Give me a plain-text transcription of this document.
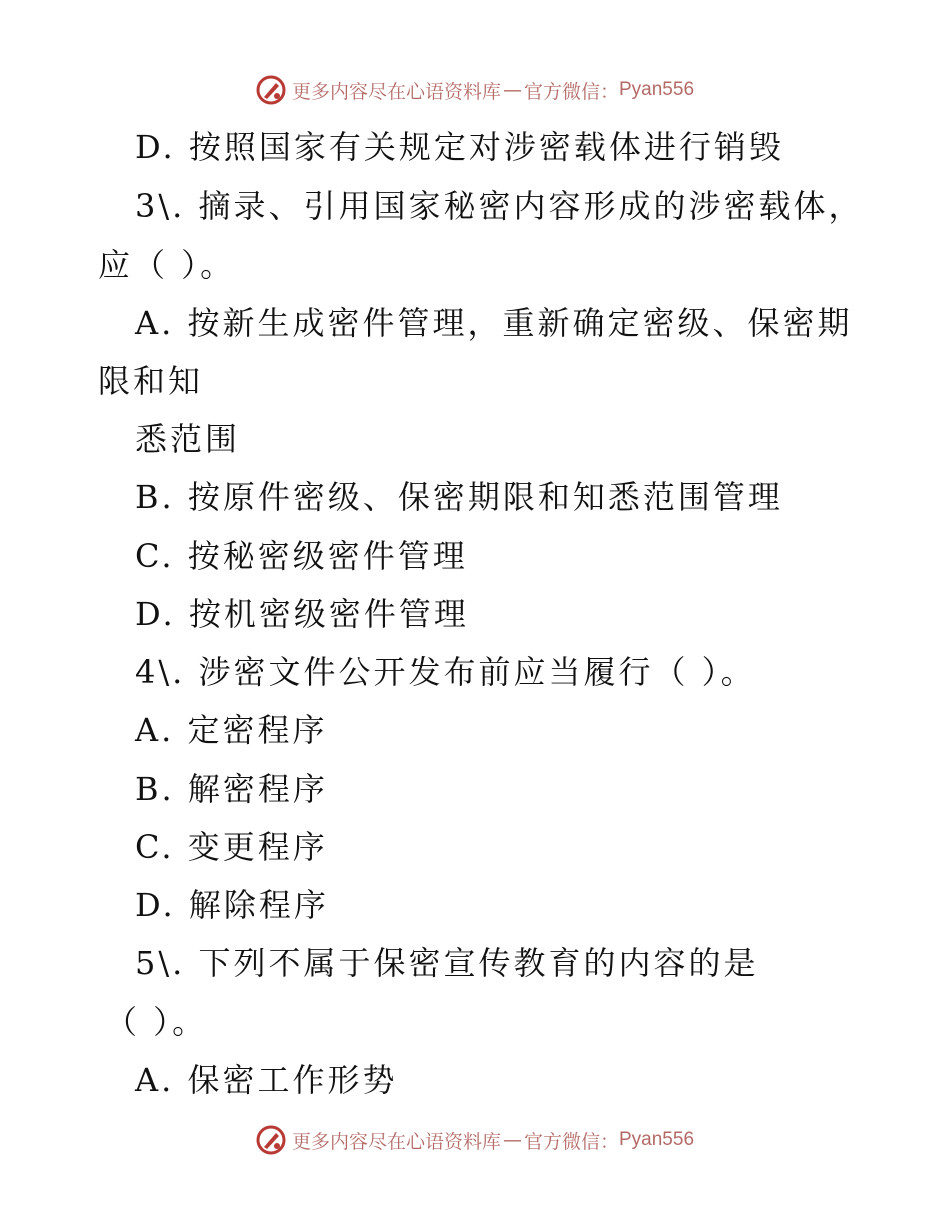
更多内容尽在心语资料库 — 官方微信： Pyan556
D. 按照国家有关规定对涉密载体进行销毁
3\. 摘录、引用国家秘密内容形成的涉密载体，
应（ ）。
A. 按新生成密件管理，重新确定密级、保密期
限和知
悉范围
B. 按原件密级、保密期限和知悉范围管理
C. 按秘密级密件管理
D. 按机密级密件管理
4\. 涉密文件公开发布前应当履行（ ）。
A. 定密程序
B. 解密程序
C. 变更程序
D. 解除程序
5\. 下列不属于保密宣传教育的内容的是
（ ）。
A. 保密工作形势
更多内容尽在心语资料库 — 官方微信： Pyan556
